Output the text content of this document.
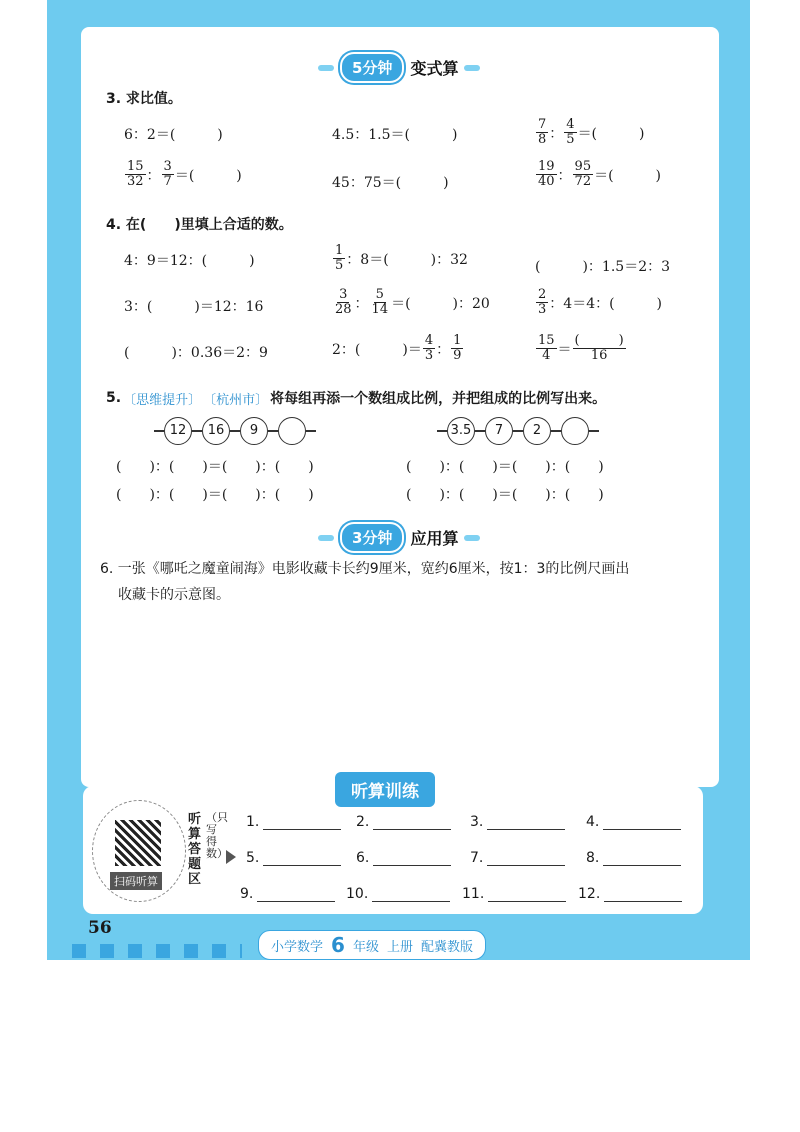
5分钟	变式算
3. 求比值。
6：2＝(　　　)	4.5：1.5＝(　　　)	$\frac{7}{8}$ ： $\frac{4}{5}$ ＝(　　　)
$\frac{15}{32}$ ： $\frac{3}{7}$ ＝(　　　)	45：75＝(　　　)	$\frac{19}{40}$ ： $\frac{95}{72}$ ＝(　　　)
4. 在(　　)里填上合适的数。
4：9＝12：(　　　)	$\frac{1}{5}$ ：8＝(　　　)：32	(　　　)：1.5＝2：3
3：(　　　)＝12：16	$\frac{3}{28}$ ： $\frac{5}{14}$ ＝(　　　)：20	$\frac{2}{3}$ ：4＝4：(　　　)
(　　　)：0.36＝2：9	2：(　　　)＝ $\frac{4}{3}$ ： $\frac{1}{9}$	$\frac{15}{4} = \frac{( )}{16}$
5. 〔思维提升〕 〔杭州市〕 将每组再添一个数组成比例，并把组成的比例写出来。
12	16	9	3.5	7	2
(　　)：(　　)＝(　　)：(　　)	(　　)：(　　)＝(　　)：(　　)
(　　)：(　　)＝(　　)：(　　)	(　　)：(　　)＝(　　)：(　　)
3分钟	应用算
6. 一张《哪吒之魔童闹海》电影收藏卡长约9厘米，宽约6厘米，按1：3的比例尺画出
收藏卡的示意图。
听算训练
扫码听算
听算答题区
（只写得数）
1.	2.	3.	4.
5.	6.	7.	8.
9.	10.	11.	12.
56
小学数学 6 年级 上册 配冀教版
